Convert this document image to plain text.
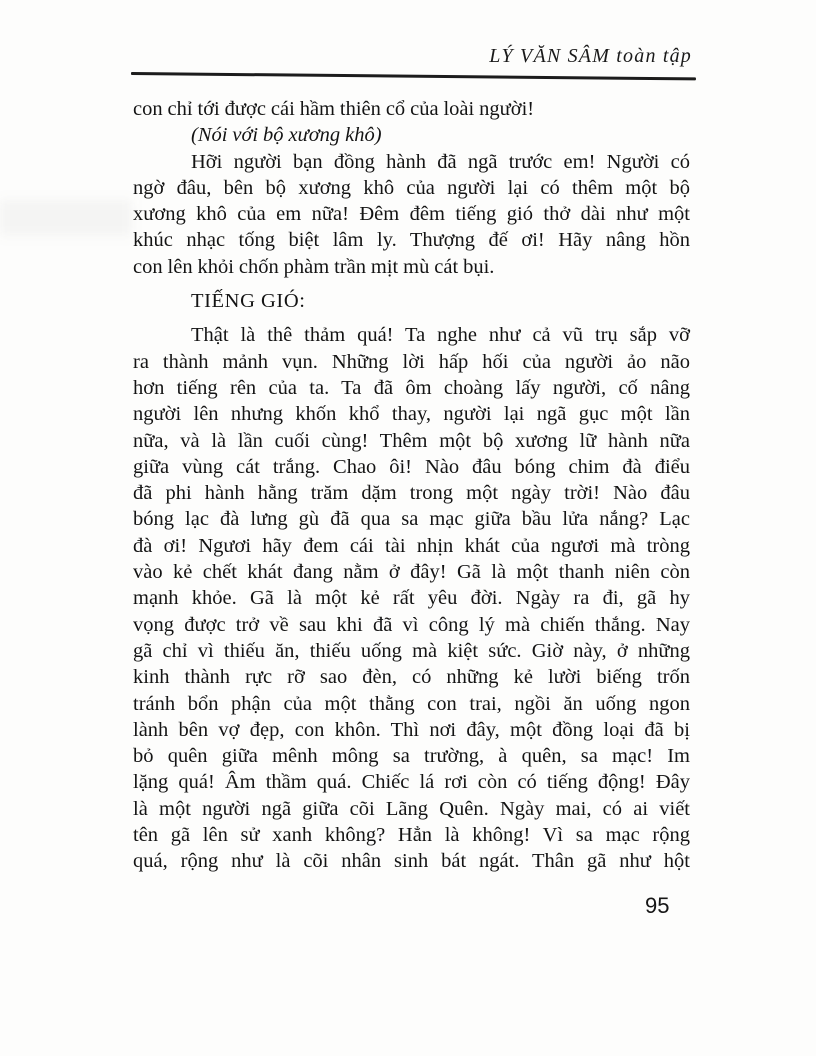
LÝ VĂN SÂM toàn tập
con chỉ tới được cái hầm thiên cổ của loài người!
(Nói với bộ xương khô)
Hỡi người bạn đồng hành đã ngã trước em! Người có
ngờ đâu, bên bộ xương khô của người lại có thêm một bộ
xương khô của em nữa! Đêm đêm tiếng gió thở dài như một
khúc nhạc tống biệt lâm ly. Thượng đế ơi! Hãy nâng hồn
con lên khỏi chốn phàm trần mịt mù cát bụi.
TIẾNG GIÓ:
Thật là thê thảm quá! Ta nghe như cả vũ trụ sắp vỡ
ra thành mảnh vụn. Những lời hấp hối của người ảo não
hơn tiếng rên của ta. Ta đã ôm choàng lấy người, cố nâng
người lên nhưng khốn khổ thay, người lại ngã gục một lần
nữa, và là lần cuối cùng! Thêm một bộ xương lữ hành nữa
giữa vùng cát trắng. Chao ôi! Nào đâu bóng chim đà điểu
đã phi hành hằng trăm dặm trong một ngày trời! Nào đâu
bóng lạc đà lưng gù đã qua sa mạc giữa bầu lửa nắng? Lạc
đà ơi! Ngươi hãy đem cái tài nhịn khát của ngươi mà tròng
vào kẻ chết khát đang nằm ở đây! Gã là một thanh niên còn
mạnh khỏe. Gã là một kẻ rất yêu đời. Ngày ra đi, gã hy
vọng được trở về sau khi đã vì công lý mà chiến thắng. Nay
gã chỉ vì thiếu ăn, thiếu uống mà kiệt sức. Giờ này, ở những
kinh thành rực rỡ sao đèn, có những kẻ lười biếng trốn
tránh bổn phận của một thằng con trai, ngồi ăn uống ngon
lành bên vợ đẹp, con khôn. Thì nơi đây, một đồng loại đã bị
bỏ quên giữa mênh mông sa trường, à quên, sa mạc! Im
lặng quá! Âm thầm quá. Chiếc lá rơi còn có tiếng động! Đây
là một người ngã giữa cõi Lãng Quên. Ngày mai, có ai viết
tên gã lên sử xanh không? Hẳn là không! Vì sa mạc rộng
quá, rộng như là cõi nhân sinh bát ngát. Thân gã như hột
95
